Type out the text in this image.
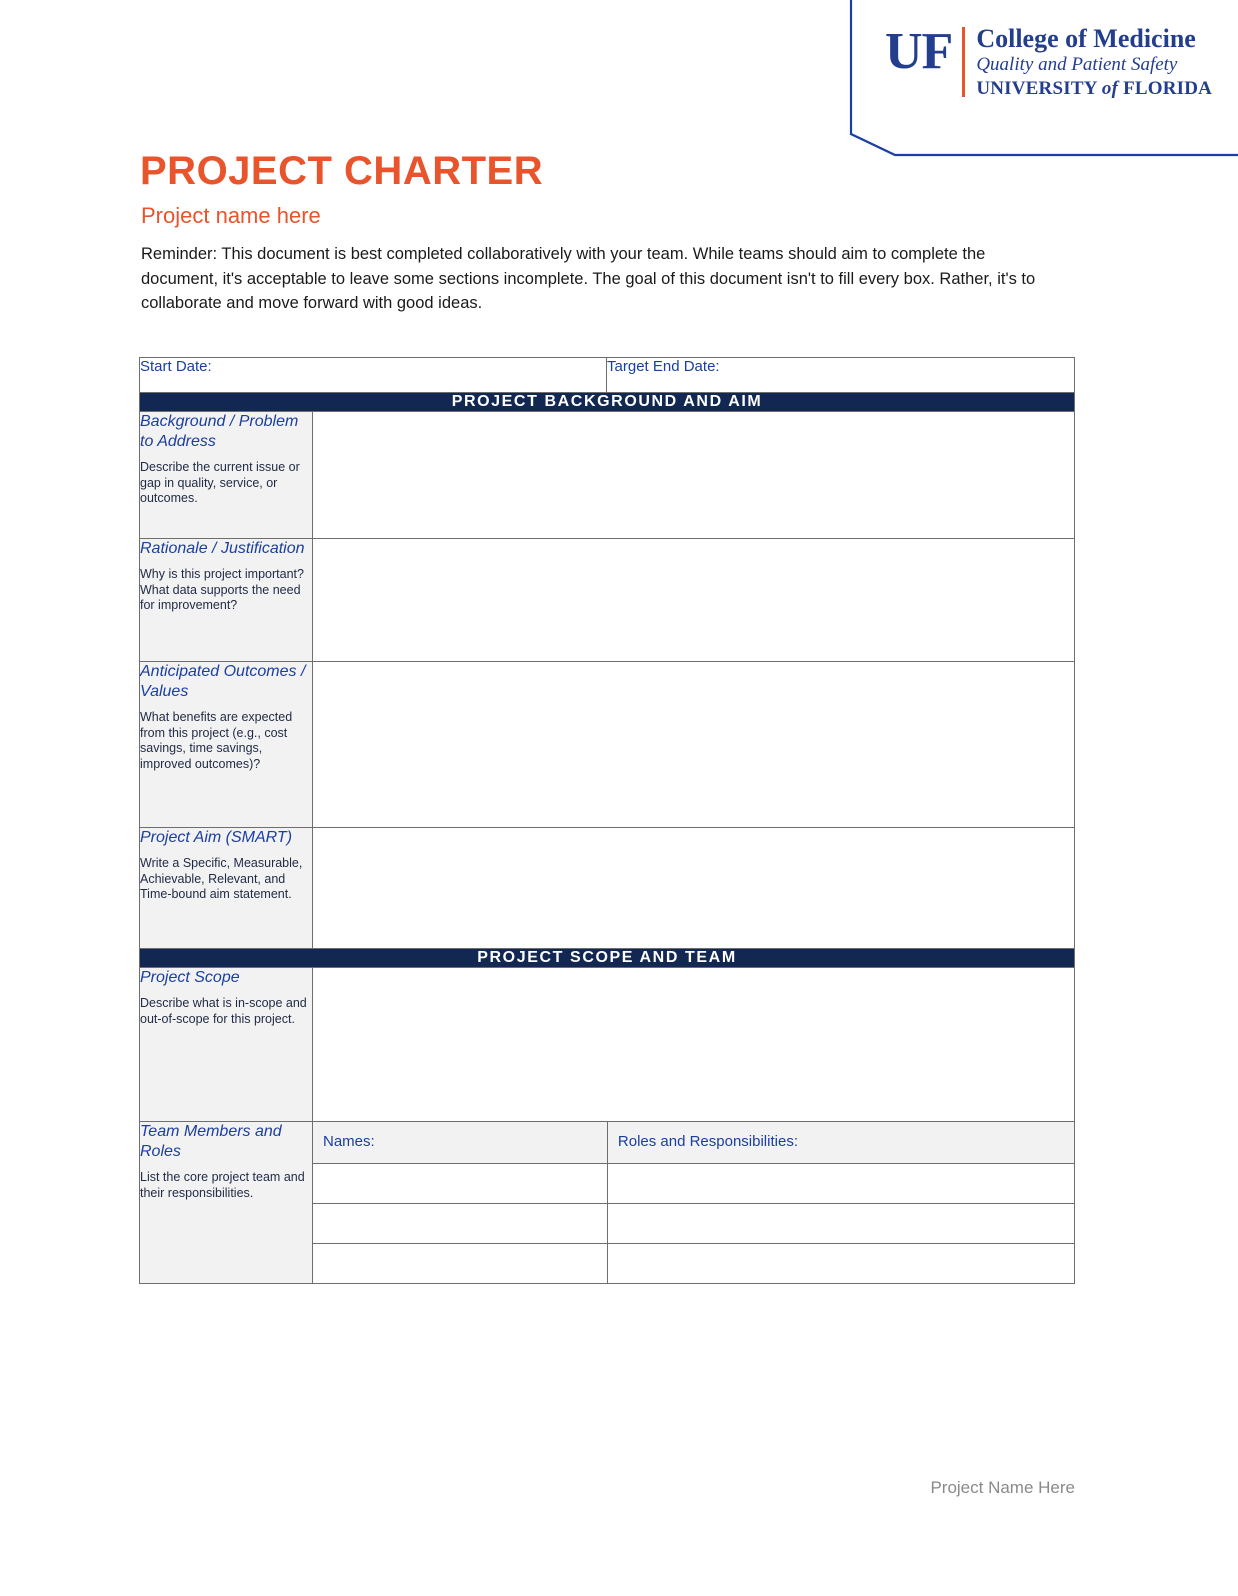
UF College of Medicine
Quality and Patient Safety
UNIVERSITY of FLORIDA
PROJECT CHARTER
Project name here
Reminder: This document is best completed collaboratively with your team. While teams should aim to complete the document, it's acceptable to leave some sections incomplete. The goal of this document isn't to fill every box. Rather, it's to collaborate and move forward with good ideas.
Start Date:	Target End Date:
PROJECT BACKGROUND AND AIM

Background / Problem to Address
Describe the current issue or gap in quality, service, or outcomes.

Rationale / Justification
Why is this project important? What data supports the need for improvement?

Anticipated Outcomes / Values
What benefits are expected from this project (e.g., cost savings, time savings, improved outcomes)?

Project Aim (SMART)
Write a Specific, Measurable, Achievable, Relevant, and Time-bound aim statement.

PROJECT SCOPE AND TEAM

Project Scope
Describe what is in-scope and out-of-scope for this project.

Team Members and Roles
List the core project team and their responsibilities.

Names:	Roles and Responsibilities:

Project Name Here
